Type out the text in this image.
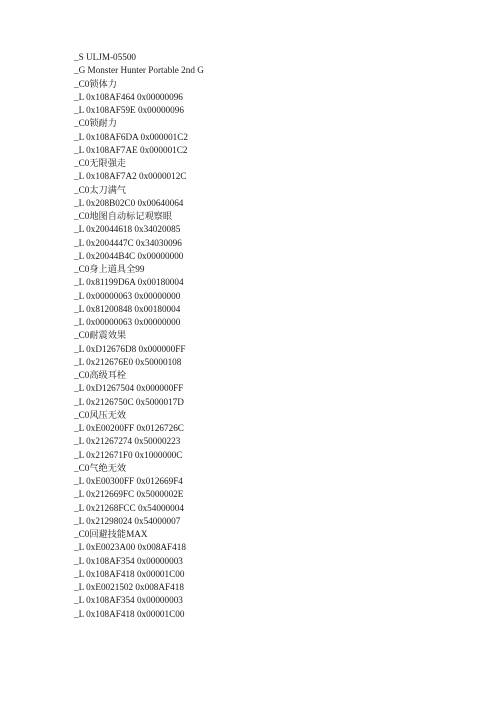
_S ULJM-05500
_G Monster Hunter Portable 2nd G
_C0锁体力
_L 0x108AF464 0x00000096
_L 0x108AF59E 0x00000096
_C0锁耐力
_L 0x108AF6DA 0x000001C2
_L 0x108AF7AE 0x000001C2
_C0无限强走
_L 0x108AF7A2 0x0000012C
_C0太刀满气
_L 0x208B02C0 0x00640064
_C0地图自动标记观察眼
_L 0x20044618 0x34020085
_L 0x2004447C 0x34030096
_L 0x20044B4C 0x00000000
_C0身上道具全99
_L 0x81199D6A 0x00180004
_L 0x00000063 0x00000000
_L 0x81200848 0x00180004
_L 0x00000063 0x00000000
_C0耐震效果
_L 0xD12676D8 0x000000FF
_L 0x212676E0 0x50000108
_C0高级耳栓
_L 0xD1267504 0x000000FF
_L 0x2126750C 0x5000017D
_C0风压无效
_L 0xE00200FF 0x0126726C
_L 0x21267274 0x50000223
_L 0x212671F0 0x1000000C
_C0气绝无效
_L 0xE00300FF 0x012669F4
_L 0x212669FC 0x5000002E
_L 0x21268FCC 0x54000004
_L 0x21298024 0x54000007
_C0回避技能MAX
_L 0xE0023A00 0x008AF418
_L 0x108AF354 0x00000003
_L 0x108AF418 0x00001C00
_L 0xE0021502 0x008AF418
_L 0x108AF354 0x00000003
_L 0x108AF418 0x00001C00
